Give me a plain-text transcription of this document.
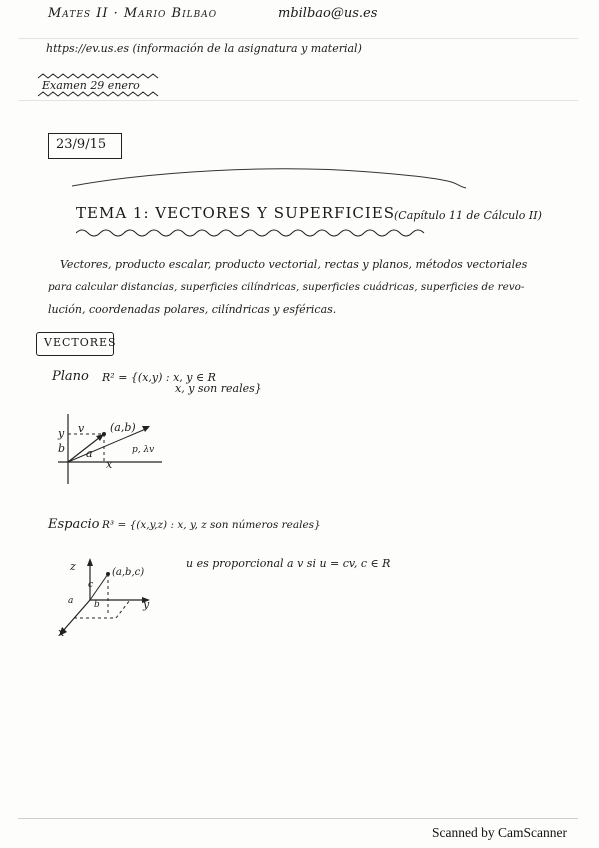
Mates II · Mario Bilbao	mbilbao@us.es
https://ev.us.es (información de la asignatura y material)
Examen 29 enero
23/9/15
TEMA 1: VECTORES Y SUPERFICIES
(Capítulo 11 de Cálculo II)
Vectores, producto escalar, producto vectorial, rectas y planos, métodos vectoriales
para calcular distancias, superficies cilíndricas, superficies cuádricas, superficies de revo-
lución, coordenadas polares, cilíndricas y esféricas.
VECTORES
Plano R² = {(x,y) : x, y ∈ R
x, y son reales}
y v (a,b)
b a	p, λv
x
Espacio R³ = {(x,y,z) : x, y, z son números reales}
z	(a,b,c)
c
a b	y
x
u es proporcional a v si u = cv, c ∈ R
Scanned by CamScanner
